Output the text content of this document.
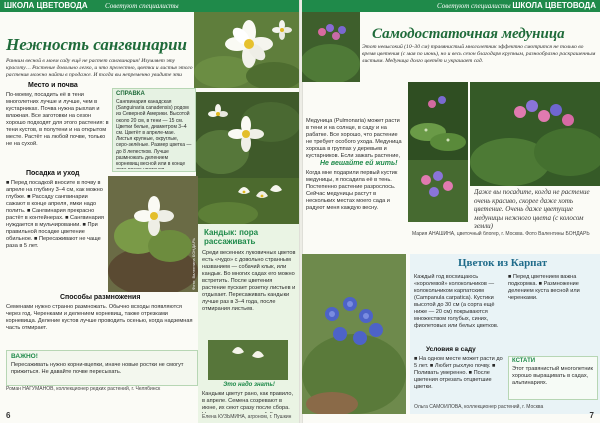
ШКОЛА ЦВЕТОВОДА Советуют специалисты
Нежность сангвинарии
Ранним весной в моем саду ещё не растет сангвинария! Изумляет эту красоту… Растение довольно легко, и что прелестно, цветки и листья этого растения можно найти в продаже. И тогда вы непременно увидите эти
Место и почва
По-моему, посадить её в тени многолетних лучше и лучше, чем в кустарниках. Почва нужна рыхлая и влажная. Все заготовки на сезон хорошо подходят для этого растения: в тени кустов, в полутени и на открытом месте. Растёт на любой почве, только не на сухой.
СПРАВКА
Сангвинария канадская (Sanguinaria canadensis) родом из Северной Америки. Высотой около 20 см, в тени — 15 см. Цветки белые, диаметром 3–4 см. Цветёт в апреле-мае. Листья крупные, округлые, серо-зелёные. Размер цветка — до 8 лепестков. Лучше размножать делением корневищ весной или в конце
Посадка и уход
■ Перед посадкой вносите в почву в апреле на глубину 3–4 см, как можно глубже. ■ Рассаду сангвинарии сажают в конце апреля, ямки надо полить. ■ Сангвинария прекрасно растёт в контейнерах. ■ Сангвинария нуждается в мульчировании. ■ При правильной посадке цветение обильное. ■ Пересаживают не чаще раза в 5 лет.	Фото: Валентина БОНДАРЬ
Способы размножения
Семенами нужно странно размножать. Обычно всходы появляются через год. Черенками и делением корневищ, также отрезками корневища. Деление кустов лучше проводить осенью, когда надземная часть отмирает.
ВАЖНО!
Пересаживать нужно корни-вцепки, иначе новые ростки не смогут прижиться. Не давайте почве пересыхать.
Роман НАГУМАНОВ, коллекционер редких растений, г. Челябинск
6
Кандык: пора рассаживать
Среди весенних луковичных цветов есть «чудо» с довольно странным названием — собачий клык, или кандык. Во многих садах его можно встретить. После цветения растение пускает розетку листьев и отдыхает. Пересаживать кандыки лучше раз в 3–4 года, после отмирания листьев.
Это надо знать!
Кандыки цветут рано, как правило, в апреле. Семена созревают в июне, их сеют сразу после сбора.
Елена КУЗЬМИНА, агроном, г. Пушкин
Советуют специалисты ШКОЛА ЦВЕТОВОДА
Самодостаточная медуница
Этот невысокий (10–30 см) травянистый многолетник эффектно смотрится не только во время цветения (с мая по июнь), но и весь сезон благодаря крупным, разнообразно раскрашенным листьям. Медуница долго цветёт и украшает сад.
Медуница (Pulmonaria) может расти в тени и на солнце, в саду и на рабатке. Все хорошо, что растение не требует особого ухода. Медуница хороша в группах у деревьев и кустарников. Если зажать растение,
Не вешайте ей жить!
Когда мне подарили первый кустик медуницы, я посадила её в тень. Постепенно растение разрослось. Сейчас медуницы растут в нескольких местах моего сада и радуют меня каждую весну.
Даже вы посадите, когда не растение очень красиво, скорее даже хоть цветение. Очень даже цветущие медуницы нежного цвета (с колосом земли)
Мария АНАШИНА, цветочный блогер, г. Москва. Фото Валентины БОНДАРЬ
Цветок из Карпат
Каждый год восхищаюсь «королевой» колокольчиков — колокольчиком карпатским (Campanula carpatica). Кустики высотой до 30 см (а сорта ещё ниже — 20 см) покрываются множеством голубых, синих, фиолетовых или белых цветков.
Условия в саду
■ На одном месте может расти до 5 лет. ■ Любит рыхлую почву. ■ Поливать умеренно. ■ После цветения отрезать отцветшие цветки.
■ Перед цветением важна подкормка. ■ Размножение делением куста весной или черенками.
КСТАТИ
Этот травянистый многолетник хорошо выращивать в садах, альпинариях.
Ольга САМОЙЛОВА, коллекционер растений, г. Москва
7
